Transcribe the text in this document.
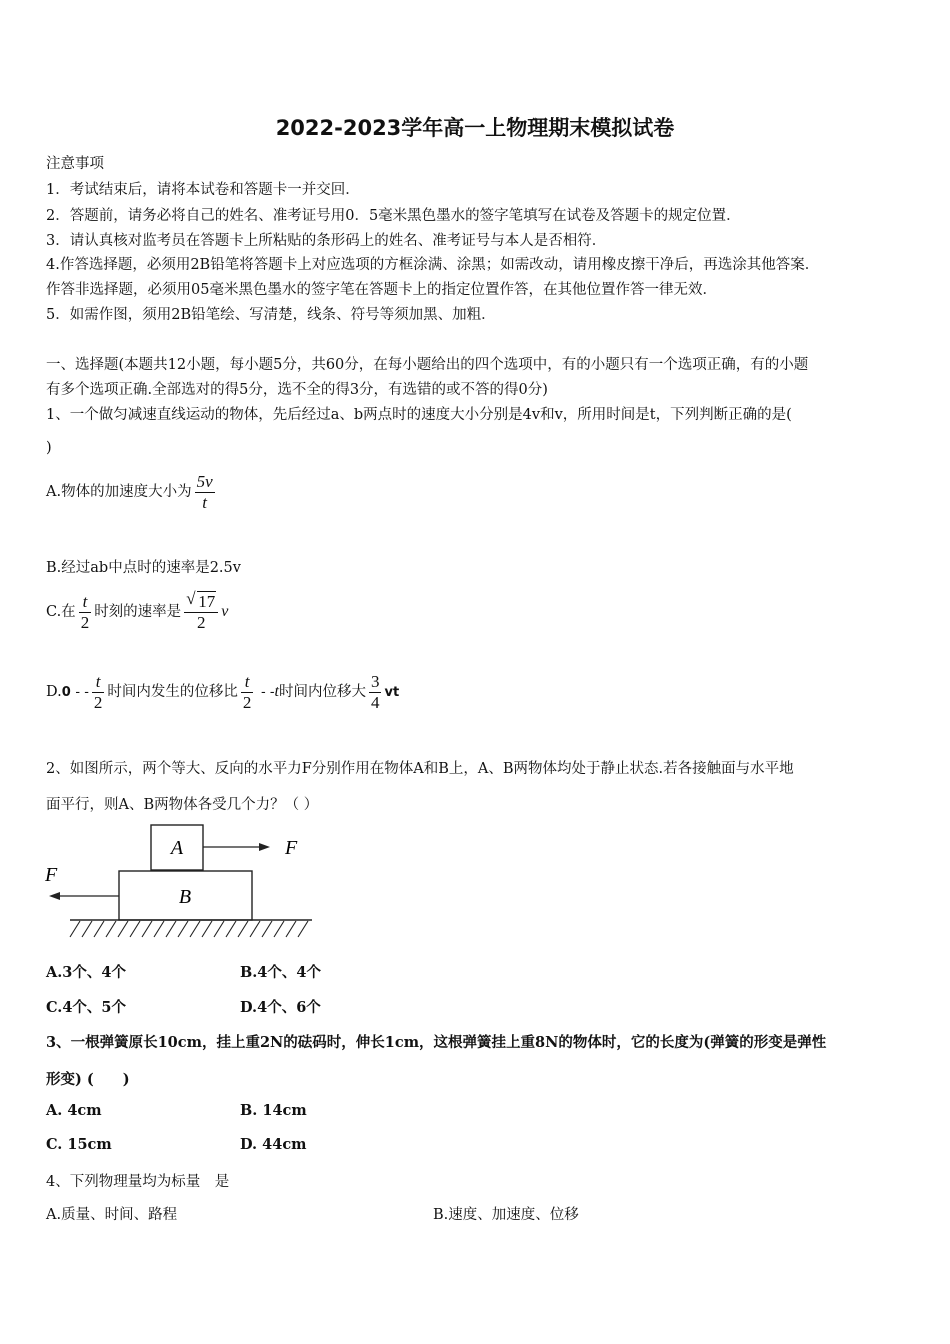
2022-2023学年高一上物理期末模拟试卷
注意事项
1．考试结束后，请将本试卷和答题卡一并交回．
2．答题前，请务必将自己的姓名、准考证号用0．5毫米黑色墨水的签字笔填写在试卷及答题卡的规定位置．
3．请认真核对监考员在答题卡上所粘贴的条形码上的姓名、准考证号与本人是否相符．
4.作答选择题，必须用2B铅笔将答题卡上对应选项的方框涂满、涂黑；如需改动，请用橡皮擦干净后，再选涂其他答案．
作答非选择题，必须用05毫米黑色墨水的签字笔在答题卡上的指定位置作答，在其他位置作答一律无效．
5．如需作图，须用2B铅笔绘、写清楚，线条、符号等须加黑、加粗．
一、选择题(本题共12小题，每小题5分，共60分，在每小题给出的四个选项中，有的小题只有一个选项正确，有的小题
有多个选项正确.全部选对的得5分，选不全的得3分，有选错的或不答的得0分)
1、一个做匀减速直线运动的物体，先后经过a、b两点时的速度大小分别是4v和v，所用时间是t，下列判断正确的是(
)
A.物体的加速度大小为 $\frac{5v}{t}$
B.经过ab中点时的速率是2.5v
C.在 $\frac{t}{2}$ 时刻的速率是 $\frac{√ 17}{2}$ v
D.0 - - $\frac{t}{2}$ 时间内发生的位移比 $\frac{t}{2} - -t$时间内位移大 $\frac{3}{4}$ vt
2、如图所示，两个等大、反向的水平力F分别作用在物体A和B上，A、B两物体均处于静止状态.若各接触面与水平地
面平行，则A、B两物体各受几个力？（ ）
A	F
B
F
A.3个、4个	B.4个、4个
C.4个、5个	D.4个、6个
3、一根弹簧原长10cm，挂上重2N的砝码时，伸长1cm，这根弹簧挂上重8N的物体时，它的长度为(弹簧的形变是弹性
形变) (　　)
A. 4cm	B. 14cm
C. 15cm	D. 44cm
4、下列物理量均为标量　是
A.质量、时间、路程	B.速度、加速度、位移
